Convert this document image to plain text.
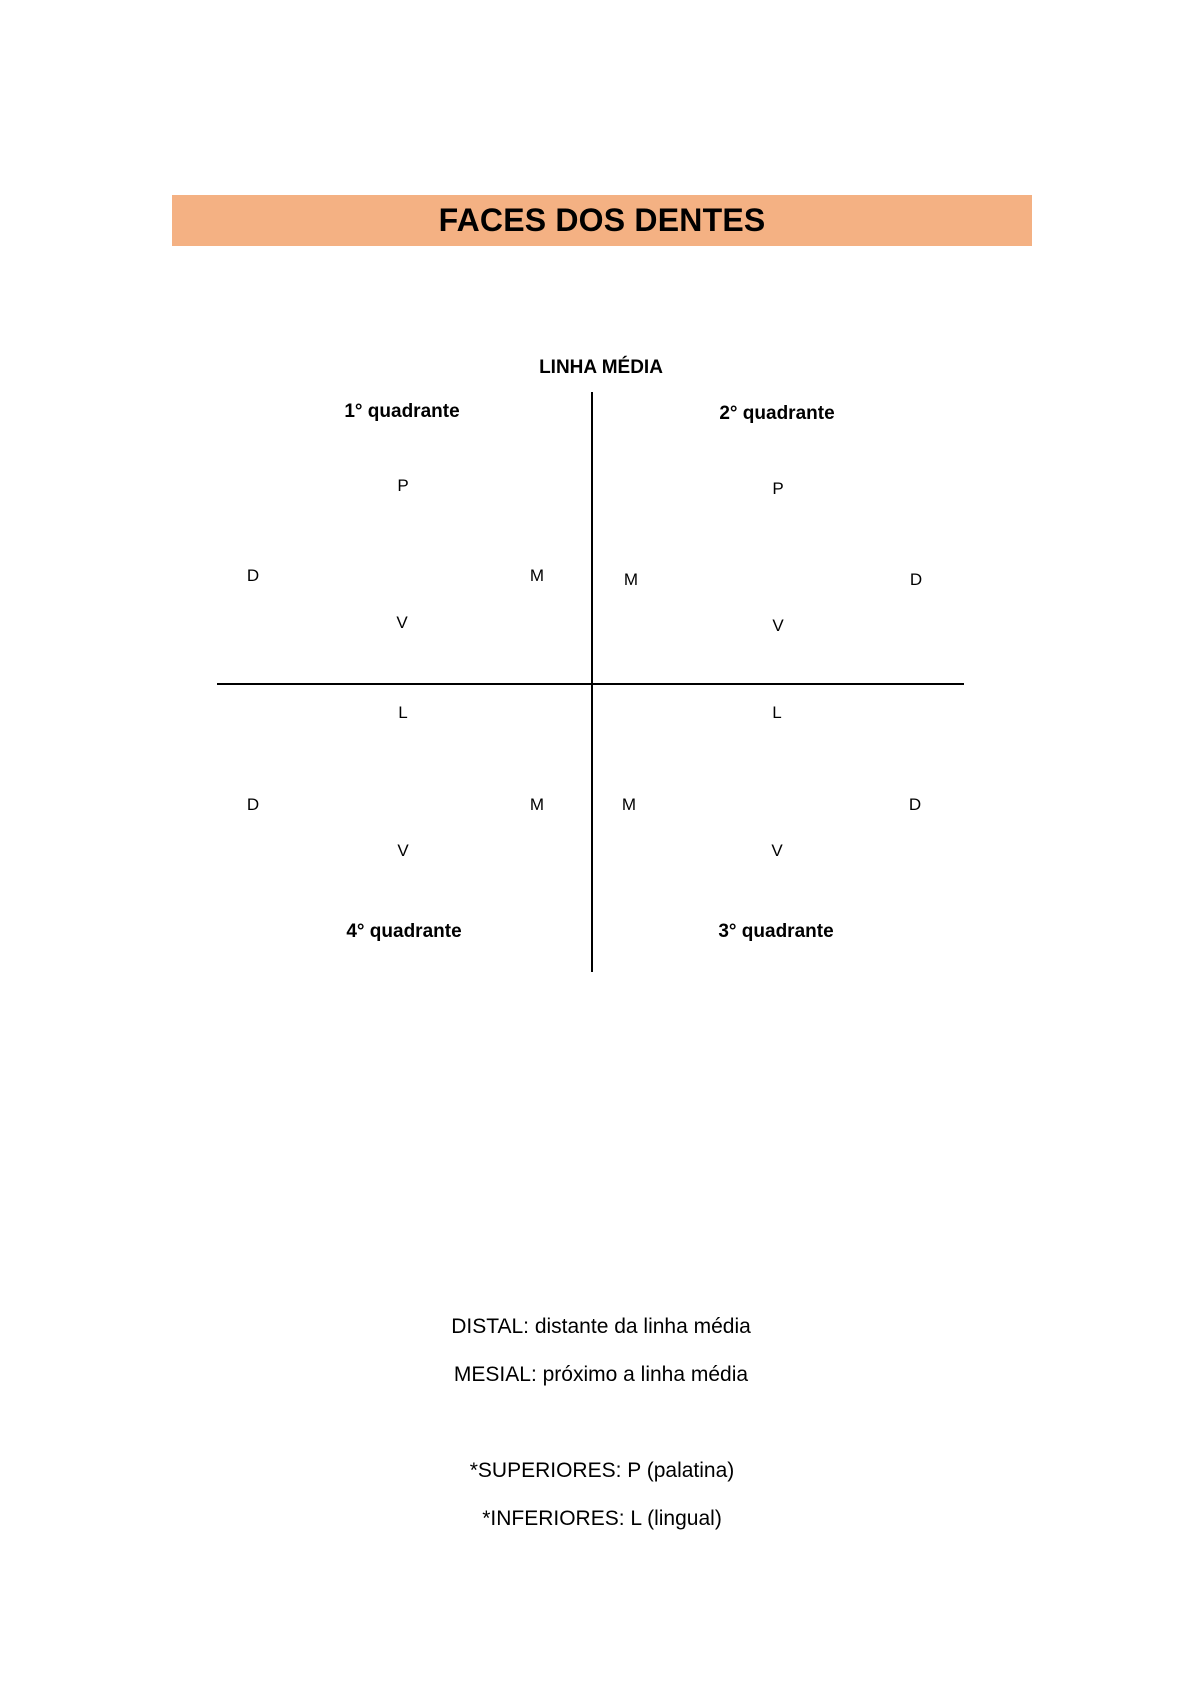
FACES DOS DENTES
LINHA MÉDIA
1° quadrante
P
D	M
V
2° quadrante
P
M	D
V
L
D	M
V
4° quadrante
L
M	D
V
3° quadrante
DISTAL: distante da linha média
MESIAL: próximo a linha média
*SUPERIORES: P (palatina)
*INFERIORES: L (lingual)
